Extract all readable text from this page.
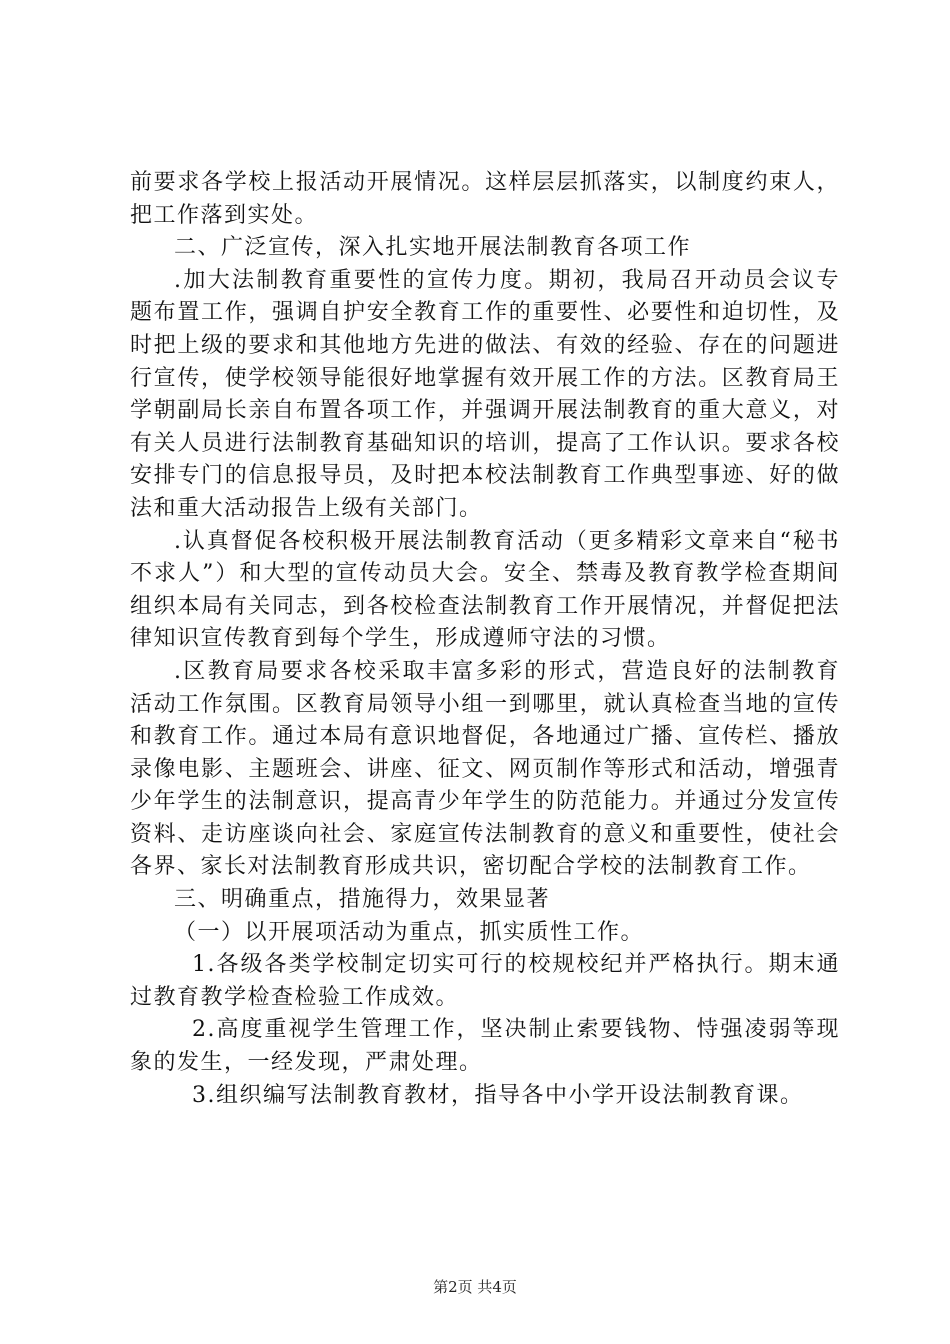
前要求各学校上报活动开展情况。这样层层抓落实，以制度约束人，把工作落到实处。

二、广泛宣传，深入扎实地开展法制教育各项工作

.加大法制教育重要性的宣传力度。期初，我局召开动员会议专题布置工作，强调自护安全教育工作的重要性、必要性和迫切性，及时把上级的要求和其他地方先进的做法、有效的经验、存在的问题进行宣传，使学校领导能很好地掌握有效开展工作的方法。区教育局王学朝副局长亲自布置各项工作，并强调开展法制教育的重大意义，对有关人员进行法制教育基础知识的培训，提高了工作认识。要求各校安排专门的信息报导员，及时把本校法制教育工作典型事迹、好的做法和重大活动报告上级有关部门。

.认真督促各校积极开展法制教育活动（更多精彩文章来自“秘书不求人”）和大型的宣传动员大会。安全、禁毒及教育教学检查期间组织本局有关同志，到各校检查法制教育工作开展情况，并督促把法律知识宣传教育到每个学生，形成遵师守法的习惯。

.区教育局要求各校采取丰富多彩的形式，营造良好的法制教育活动工作氛围。区教育局领导小组一到哪里，就认真检查当地的宣传和教育工作。通过本局有意识地督促，各地通过广播、宣传栏、播放录像电影、主题班会、讲座、征文、网页制作等形式和活动，增强青少年学生的法制意识，提高青少年学生的防范能力。并通过分发宣传资料、走访座谈向社会、家庭宣传法制教育的意义和重要性，使社会各界、家长对法制教育形成共识，密切配合学校的法制教育工作。

三、明确重点，措施得力，效果显著

（一）以开展项活动为重点，抓实质性工作。

1.各级各类学校制定切实可行的校规校纪并严格执行。期末通过教育教学检查检验工作成效。

2.高度重视学生管理工作，坚决制止索要钱物、恃强凌弱等现象的发生，一经发现，严肃处理。

3.组织编写法制教育教材，指导各中小学开设法制教育课。

第2页 共4页
